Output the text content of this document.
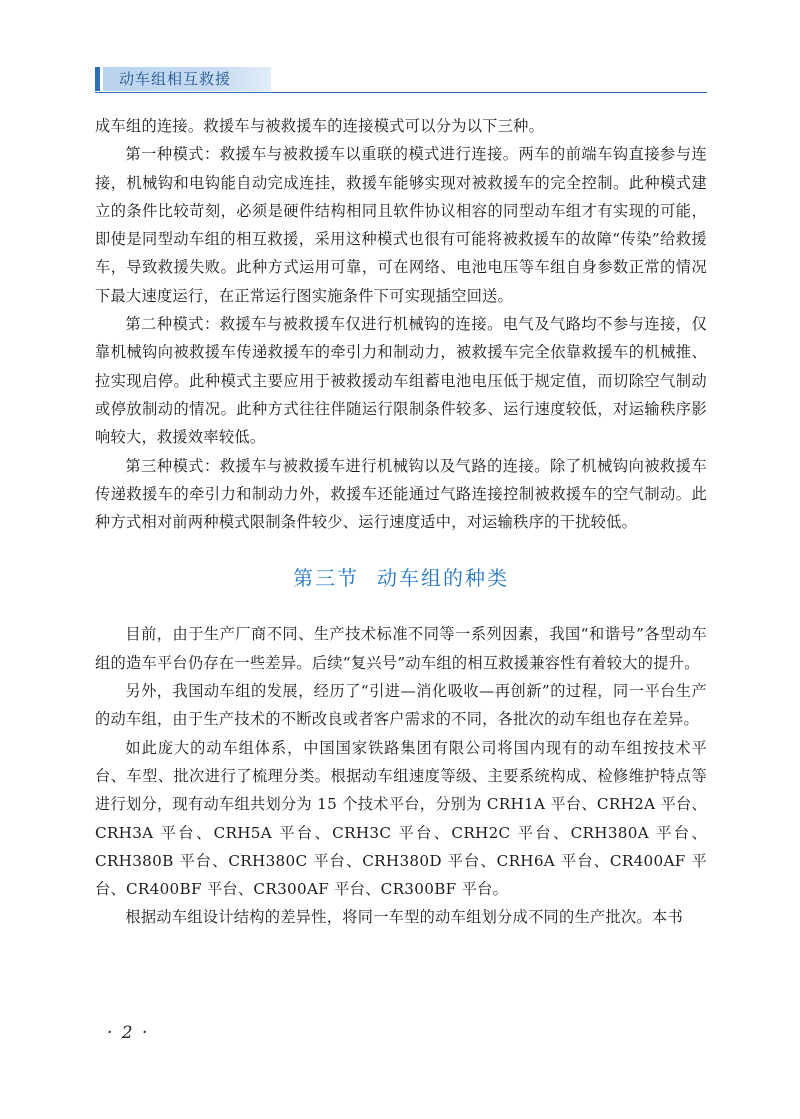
动车组相互救援

成车组的连接。救援车与被救援车的连接模式可以分为以下三种。

第一种模式：救援车与被救援车以重联的模式进行连接。两车的前端车钩直接参与连接，机械钩和电钩能自动完成连挂，救援车能够实现对被救援车的完全控制。此种模式建立的条件比较苛刻，必须是硬件结构相同且软件协议相容的同型动车组才有实现的可能，即使是同型动车组的相互救援，采用这种模式也很有可能将被救援车的故障“传染”给救援车，导致救援失败。此种方式运用可靠，可在网络、电池电压等车组自身参数正常的情况下最大速度运行，在正常运行图实施条件下可实现插空回送。

第二种模式：救援车与被救援车仅进行机械钩的连接。电气及气路均不参与连接，仅靠机械钩向被救援车传递救援车的牵引力和制动力，被救援车完全依靠救援车的机械推、拉实现启停。此种模式主要应用于被救援动车组蓄电池电压低于规定值，而切除空气制动或停放制动的情况。此种方式往往伴随运行限制条件较多、运行速度较低，对运输秩序影响较大，救援效率较低。

第三种模式：救援车与被救援车进行机械钩以及气路的连接。除了机械钩向被救援车传递救援车的牵引力和制动力外，救援车还能通过气路连接控制被救援车的空气制动。此种方式相对前两种模式限制条件较少、运行速度适中，对运输秩序的干扰较低。

第三节 动车组的种类

目前，由于生产厂商不同、生产技术标准不同等一系列因素，我国“和谐号”各型动车组的造车平台仍存在一些差异。后续“复兴号”动车组的相互救援兼容性有着较大的提升。

另外，我国动车组的发展，经历了“引进—消化吸收—再创新”的过程，同一平台生产的动车组，由于生产技术的不断改良或者客户需求的不同，各批次的动车组也存在差异。

如此庞大的动车组体系，中国国家铁路集团有限公司将国内现有的动车组按技术平台、车型、批次进行了梳理分类。根据动车组速度等级、主要系统构成、检修维护特点等进行划分，现有动车组共划分为 15 个技术平台，分别为 CRH1A 平台、CRH2A 平台、CRH3A 平台、CRH5A 平台、CRH3C 平台、CRH2C 平台、CRH380A 平台、CRH380B 平台、CRH380C 平台、CRH380D 平台、CRH6A 平台、CR400AF 平台、CR400BF 平台、CR300AF 平台、CR300BF 平台。

根据动车组设计结构的差异性，将同一车型的动车组划分成不同的生产批次。本书

· 2 ·
